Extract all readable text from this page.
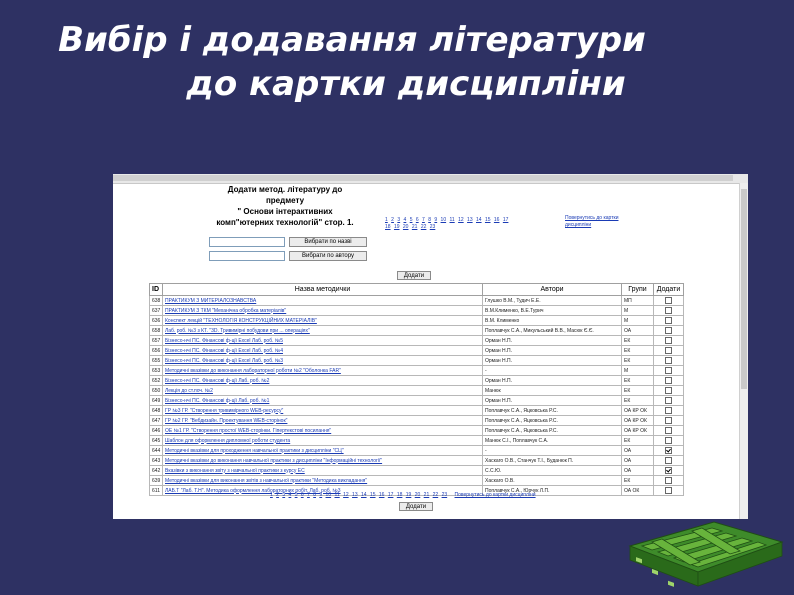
Вибір і додавання літератури
до картки дисципліни
Додати метод. літературу до
предмету
" Основи інтерактивних
комп"ютерних технологій" стор. 1.	1 2 3 4 5 6 7 8 9 10 11 12 13 14 15 16 17 18 19 20 21 22 23
Повернутись до картки дисципліни
Вибрати по назві
Вибрати по автору
Додати
ID	Назва методички	Автори	Групи	Додати
638	ПРАКТИКУМ З МИТЕРІАЛОЗНАВСТВА	Глушко В.М., Тудич Е.Е.	МП	
637	ПРАКТИКУМ З ТКМ "Механічна обробка матеріалів"	В.М.Клименко, В.Е.Турич	М	
636	Конспект лекцій "ТЕХНОЛОГІЯ КОНСТРУКЦІЙНИХ МАТЕРІАЛІВ"	В.М. Клименко	М	
658	Лаб. роб. №3 з КТ. "3D. Тривимірні побудови при ... операціях"	Поплавчук С.А., Микульський В.В., Масюк Є.Є.	ОА	
657	Бізнесо-нчі ПС. Фінансові ф-ції Excel Лаб. роб. №5	Орман Н.П.	ЕК	
656	Бізнесо-нчі ПС. Фінансові ф-ції Excel Лаб. роб. №4	Орман Н.П.	ЕК	
655	Бізнесо-нчі ПС. Фінансові ф-ції Excel Лаб. роб. №3	Орман Н.П.	ЕК	
653	Методичні вказівки до виконання лабораторної роботи №2 "Оболонка FAR"	-	М	
652	Бізнесо-нчі ПС. Фінансові ф-ції Лаб. роб. №2	Орман Н.П.	ЕК	
650	Лекція до ст.поч. №2	Манюк	ЕК	
649	Бізнесо-нчі ПС. Фінансові ф-ції Лаб. роб. №1	Орман Н.П.	ЕК	
648	ГР №3 ГР. "Створення тривимірного WEB-ресурсу"	Поплавчук С.А., Яцковська Р.С.	ОА КР ОК	
647	ГР №2 ГР. "Вебдизайн. Проектування WEB-сторінок"	Поплавчук С.А., Яцковська Р.С.	ОА КР ОК	
646	ОЕ №1 ГР. "Створення простої WEB-сторінки. Гіпертекстові посилання"	Поплавчук С.А., Яцковська Р.С.	ОА КР ОК	
645	Шаблон для оформлення дипломної роботи студента	Манюк С.І., Поплавчук С.А.	ЕК	
644	Методичні вказівки для проходження навчальної практики з дисципліни "СЦ"	-	ОА	
643	Методичні вказівки до виконання навчальної практики з дисципліни "Інформаційні технології"	Хаскаго О.В., Станчук Т.І., Буданюк П.	ОА	
642	Вказівки з виконання звіту з навчальної практики з курсу ЕС	С.С.Ю.	ОА	
639	Методичні вказівки для виконання звітів з навчальної практики "Методика викладання"	Хаскаго О.В.	ЕК	
611	ЛАБ.Т "Лаб. Т.Н". Методика оформлення лабораторних робіт. Лаб. роб. №3	Поплавчук С.А., Юрчук Л.П.	ОА ОК	
1 2 3 4 5 6 7 8 9 10 11 12 13 14 15 16 17 18 19 20 21 22 23 Повернутись до картки дисципліни
Додати
